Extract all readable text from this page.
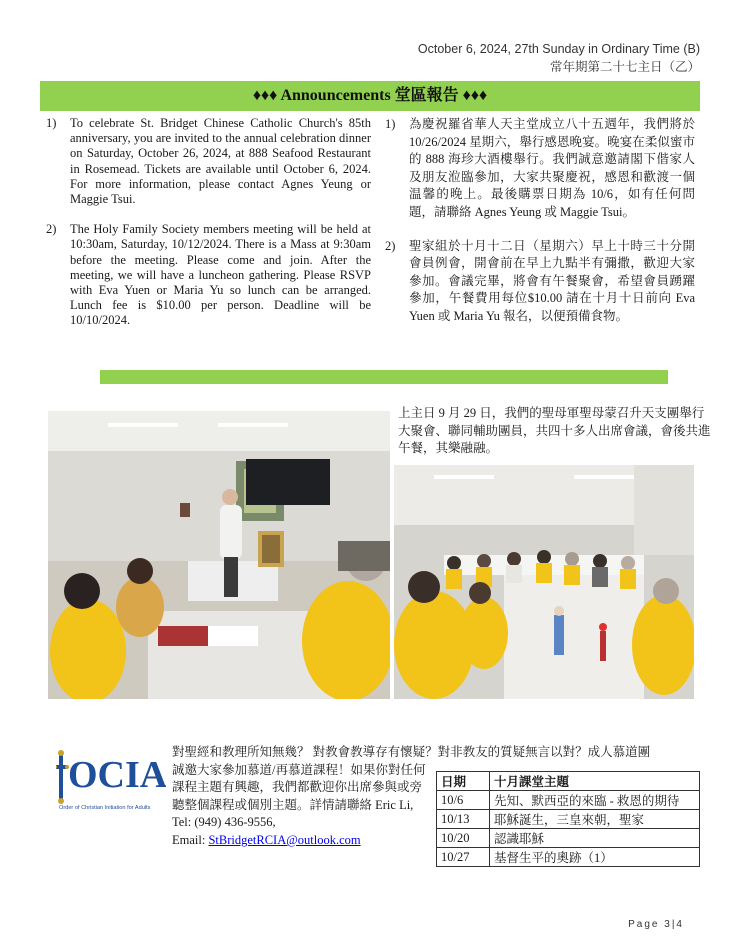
October 6, 2024, 27th Sunday in Ordinary Time (B)
常年期第二十七主日（乙）
♦♦♦ Announcements 堂區報告 ♦♦♦
1) To celebrate St. Bridget Chinese Catholic Church's 85th anniversary, you are invited to the annual celebration dinner on Saturday, October 26, 2024, at 888 Seafood Restaurant in Rosemead. Tickets are available until October 6, 2024. For more information, please contact Agnes Yeung or Maggie Tsui.
2) The Holy Family Society members meeting will be held at 10:30am, Saturday, 10/12/2024. There is a Mass at 9:30am before the meeting. Please come and join. After the meeting, we will have a luncheon gathering. Please RSVP with Eva Yuen or Maria Yu so lunch can be arranged. Lunch fee is $10.00 per person. Deadline will be 10/10/2024.
1) 為慶祝羅省華人天主堂成立八十五週年，我們將於 10/26/2024 星期六，舉行感恩晚宴。晚宴在柔似蜜市的 888 海珍大酒樓舉行。我們誠意邀請閣下偕家人及朋友涖臨參加，大家共聚慶祝，感恩和歡渡一個温馨的晚上。最後購票日期為 10/6，如有任何問題，請聯絡 Agnes Yeung 或 Maggie Tsui。
2) 聖家組於十月十二日（星期六）早上十時三十分開會員例會，開會前在早上九點半有彌撒，歡迎大家參加。會議完畢，將會有午餐聚會，希望會員踴躍參加，午餐費用每位$10.00 請在十月十日前向 Eva Yuen 或 Maria Yu 報名，以便預備食物。
上主日 9 月 29 日，我們的聖母軍聖母蒙召升天支團舉行大聚會、聯同輔助團員，共四十多人出席會議，會後共進午餐，其樂融融。
OCIA
Order of Christian Initiation for Adults
對聖經和教理所知無幾？ 對教會教導存有懷疑？對非教友的質疑無言以對？成人慕道團
誠邀大家參加慕道/再慕道課程！如果你對任何課程主題有興趣，我們都歡迎你出席參與或旁聽整個課程或個別主題。詳情請聯絡 Eric Li, Tel: (949) 436-9556,
Email: StBridgetRCIA@outlook.com
日期	十月課堂主題
10/6	先知、默西亞的來臨 - 救恩的期待
10/13	耶穌誕生，三皇來朝，聖家
10/20	認識耶穌
10/27	基督生平的奧跡（1）
Page 3|4
